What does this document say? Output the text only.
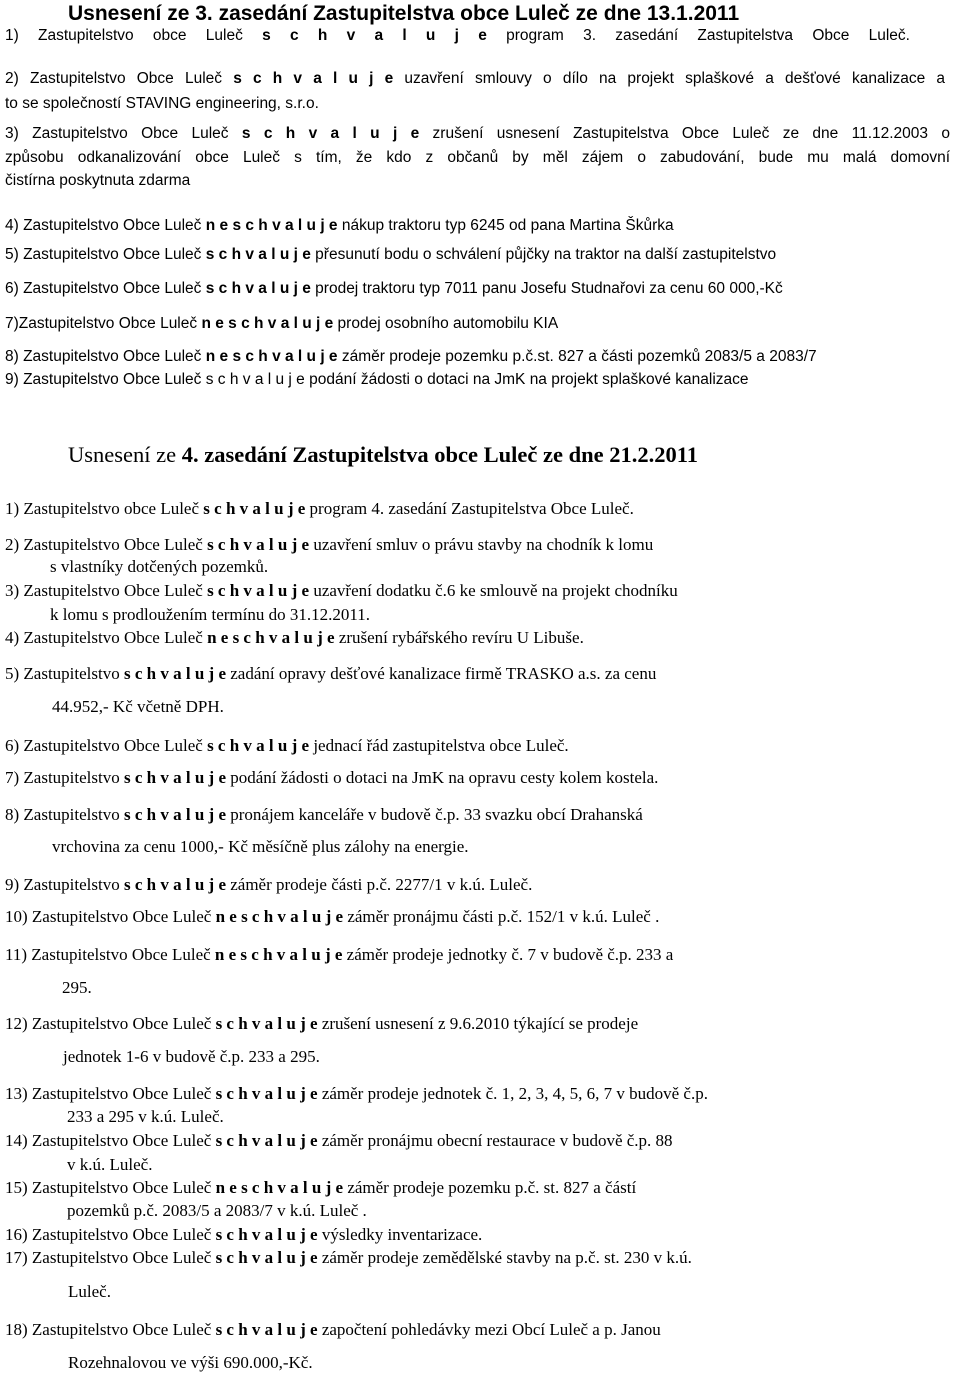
Usnesení ze 3. zasedání Zastupitelstva obce Luleč ze dne 13.1.2011
1) Zastupitelstvo obce Luleč s c h v a l u j e program 3. zasedání Zastupitelstva Obce Luleč.
2) Zastupitelstvo Obce Luleč s c h v a l u j e uzavření smlouvy o dílo na projekt splaškové a dešťové kanalizace a
to se společností STAVING engineering, s.r.o.
3) Zastupitelstvo Obce Luleč s c h v a l u j e zrušení usnesení Zastupitelstva Obce Luleč ze dne 11.12.2003 o
způsobu odkanalizování obce Luleč s tím, že kdo z občanů by měl zájem o zabudování, bude mu malá domovní
čistírna poskytnuta zdarma
4) Zastupitelstvo Obce Luleč n e s c h v a l u j e nákup traktoru typ 6245 od pana Martina Škůrka
5) Zastupitelstvo Obce Luleč s c h v a l u j e přesunutí bodu o schválení půjčky na traktor na další zastupitelstvo
6) Zastupitelstvo Obce Luleč s c h v a l u j e prodej traktoru typ 7011 panu Josefu Studnařovi za cenu 60 000,-Kč
7)Zastupitelstvo Obce Luleč n e s c h v a l u j e prodej osobního automobilu KIA
8) Zastupitelstvo Obce Luleč n e s c h v a l u j e záměr prodeje pozemku p.č.st. 827 a části pozemků 2083/5 a 2083/7
9) Zastupitelstvo Obce Luleč s c h v a l u j e podání žádosti o dotaci na JmK na projekt splaškové kanalizace
Usnesení ze 4. zasedání Zastupitelstva obce Luleč ze dne 21.2.2011
1) Zastupitelstvo obce Luleč s c h v a l u j e program 4. zasedání Zastupitelstva Obce Luleč.
2) Zastupitelstvo Obce Luleč s c h v a l u j e uzavření smluv o právu stavby na chodník k lomu
s vlastníky dotčených pozemků.
3) Zastupitelstvo Obce Luleč s c h v a l u j e uzavření dodatku č.6 ke smlouvě na projekt chodníku
k lomu s prodloužením termínu do 31.12.2011.
4) Zastupitelstvo Obce Luleč n e s c h v a l u j e zrušení rybářského revíru U Libuše.
5) Zastupitelstvo s c h v a l u j e zadání opravy dešťové kanalizace firmě TRASKO a.s. za cenu
44.952,- Kč včetně DPH.
6) Zastupitelstvo Obce Luleč s c h v a l u j e jednací řád zastupitelstva obce Luleč.
7) Zastupitelstvo s c h v a l u j e podání žádosti o dotaci na JmK na opravu cesty kolem kostela.
8) Zastupitelstvo s c h v a l u j e pronájem kanceláře v budově č.p. 33 svazku obcí Drahanská
vrchovina za cenu 1000,- Kč měsíčně plus zálohy na energie.
9) Zastupitelstvo s c h v a l u j e záměr prodeje části p.č. 2277/1 v k.ú. Luleč.
10) Zastupitelstvo Obce Luleč n e s c h v a l u j e záměr pronájmu části p.č. 152/1 v k.ú. Luleč .
11) Zastupitelstvo Obce Luleč n e s c h v a l u j e záměr prodeje jednotky č. 7 v budově č.p. 233 a
295.
12) Zastupitelstvo Obce Luleč s c h v a l u j e zrušení usnesení z 9.6.2010 týkající se prodeje
jednotek 1-6 v budově č.p. 233 a 295.
13) Zastupitelstvo Obce Luleč s c h v a l u j e záměr prodeje jednotek č. 1, 2, 3, 4, 5, 6, 7 v budově č.p.
233 a 295 v k.ú. Luleč.
14) Zastupitelstvo Obce Luleč s c h v a l u j e záměr pronájmu obecní restaurace v budově č.p. 88
v k.ú. Luleč.
15) Zastupitelstvo Obce Luleč n e s c h v a l u j e záměr prodeje pozemku p.č. st. 827 a částí
pozemků p.č. 2083/5 a 2083/7 v k.ú. Luleč .
16) Zastupitelstvo Obce Luleč s c h v a l u j e výsledky inventarizace.
17) Zastupitelstvo Obce Luleč s c h v a l u j e záměr prodeje zemědělské stavby na p.č. st. 230 v k.ú.
Luleč.
18) Zastupitelstvo Obce Luleč s c h v a l u j e započtení pohledávky mezi Obcí Luleč a p. Janou
Rozehnalovou ve výši 690.000,-Kč.
